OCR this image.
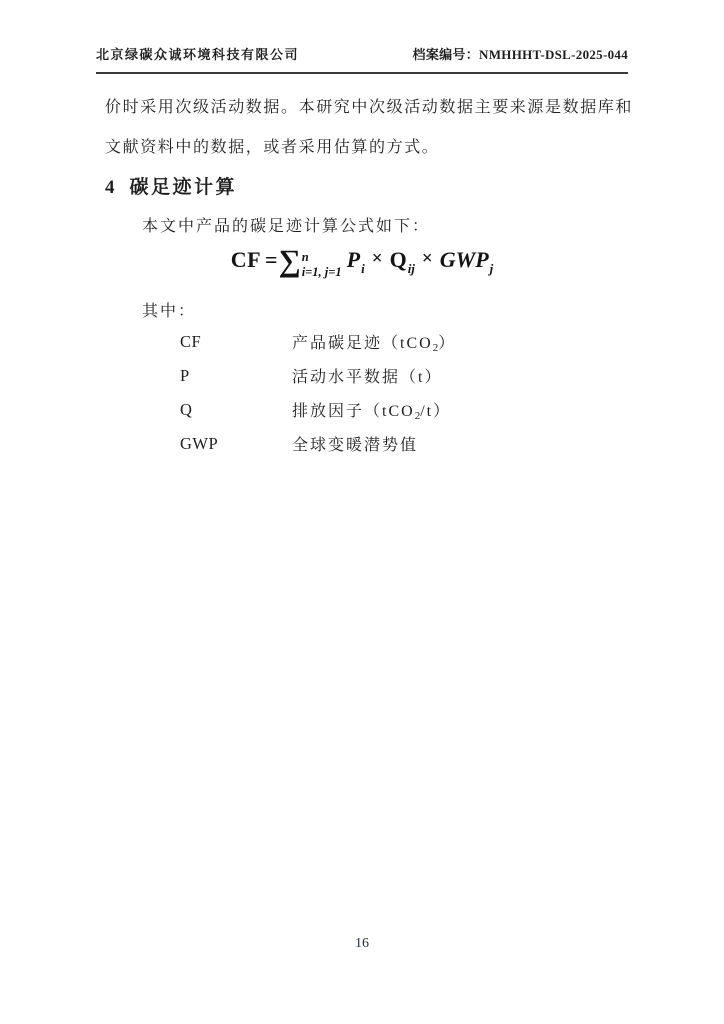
北京绿碳众诚环境科技有限公司	档案编号：NMHHHT-DSL-2025-044
价时采用次级活动数据。本研究中次级活动数据主要来源是数据库和
文献资料中的数据，或者采用估算的方式。
4 碳足迹计算
本文中产品的碳足迹计算公式如下：
CF = ∑ n
i=1, j=1 Pi × Qij × GWPj
其中：
CF	产品碳足迹（tCO$_2$）
P	活动水平数据（t）
Q	排放因子（tCO$_2$/t）
GWP	全球变暖潜势值
16
